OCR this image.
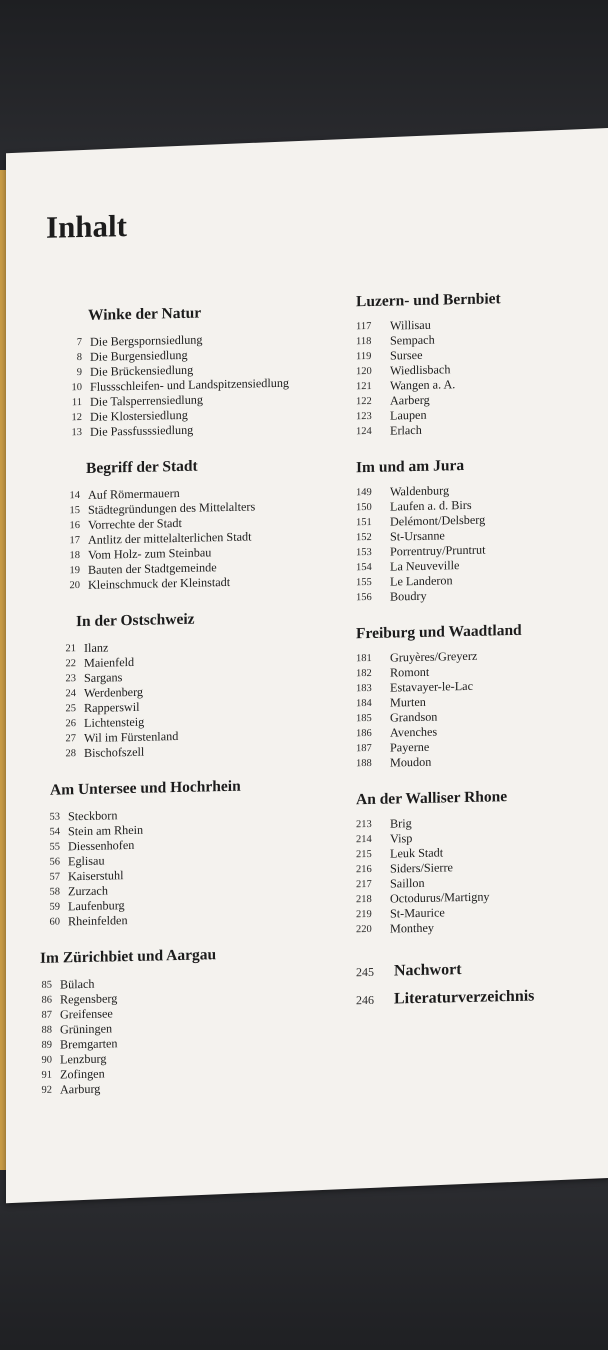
Inhalt
Winke der Natur
7 Die Bergspornsiedlung
8 Die Burgensiedlung
9 Die Brückensiedlung
10 Flussschleifen- und Landspitzensiedlung
11 Die Talsperrensiedlung
12 Die Klostersiedlung
13 Die Passfusssiedlung
Begriff der Stadt
14 Auf Römermauern
15 Städtegründungen des Mittelalters
16 Vorrechte der Stadt
17 Antlitz der mittelalterlichen Stadt
18 Vom Holz- zum Steinbau
19 Bauten der Stadtgemeinde
20 Kleinschmuck der Kleinstadt
In der Ostschweiz
21 Ilanz
22 Maienfeld
23 Sargans
24 Werdenberg
25 Rapperswil
26 Lichtensteig
27 Wil im Fürstenland
28 Bischofszell
Am Untersee und Hochrhein
53 Steckborn
54 Stein am Rhein
55 Diessenhofen
56 Eglisau
57 Kaiserstuhl
58 Zurzach
59 Laufenburg
60 Rheinfelden
Im Zürichbiet und Aargau
85 Bülach
86 Regensberg
87 Greifensee
88 Grüningen
89 Bremgarten
90 Lenzburg
91 Zofingen
92 Aarburg
Luzern- und Bernbiet
117	Willisau
118	Sempach
119	Sursee
120	Wiedlisbach
121	Wangen a. A.
122	Aarberg
123	Laupen
124	Erlach
Im und am Jura
149	Waldenburg
150	Laufen a. d. Birs
151	Delémont/Delsberg
152	St-Ursanne
153	Porrentruy/Pruntrut
154	La Neuveville
155	Le Landeron
156	Boudry
Freiburg und Waadtland
181	Gruyères/Greyerz
182	Romont
183	Estavayer-le-Lac
184	Murten
185	Grandson
186	Avenches
187	Payerne
188	Moudon
An der Walliser Rhone
213	Brig
214	Visp
215	Leuk Stadt
216	Siders/Sierre
217	Saillon
218	Octodurus/Martigny
219	St-Maurice
220	Monthey
245	Nachwort
246	Literaturverzeichnis
